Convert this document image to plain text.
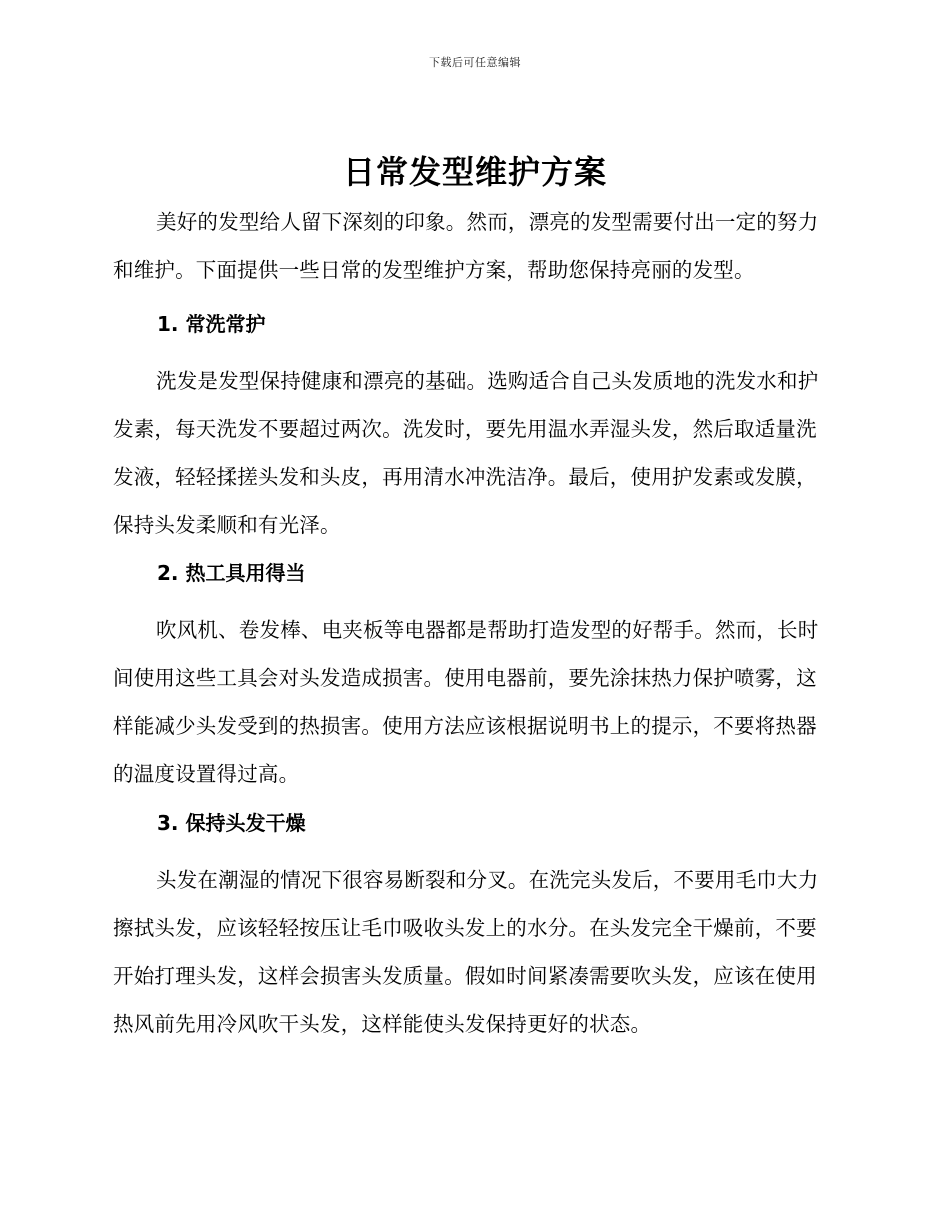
下载后可任意编辑
日常发型维护方案

美好的发型给人留下深刻的印象。然而，漂亮的发型需要付出一定的努力和维护。下面提供一些日常的发型维护方案，帮助您保持亮丽的发型。

1. 常洗常护

洗发是发型保持健康和漂亮的基础。选购适合自己头发质地的洗发水和护发素，每天洗发不要超过两次。洗发时，要先用温水弄湿头发，然后取适量洗发液，轻轻揉搓头发和头皮，再用清水冲洗洁净。最后，使用护发素或发膜，保持头发柔顺和有光泽。

2. 热工具用得当

吹风机、卷发棒、电夹板等电器都是帮助打造发型的好帮手。然而，长时间使用这些工具会对头发造成损害。使用电器前，要先涂抹热力保护喷雾，这样能减少头发受到的热损害。使用方法应该根据说明书上的提示，不要将热器的温度设置得过高。

3. 保持头发干燥

头发在潮湿的情况下很容易断裂和分叉。在洗完头发后，不要用毛巾大力擦拭头发，应该轻轻按压让毛巾吸收头发上的水分。在头发完全干燥前，不要开始打理头发，这样会损害头发质量。假如时间紧凑需要吹头发，应该在使用热风前先用冷风吹干头发，这样能使头发保持更好的状态。
